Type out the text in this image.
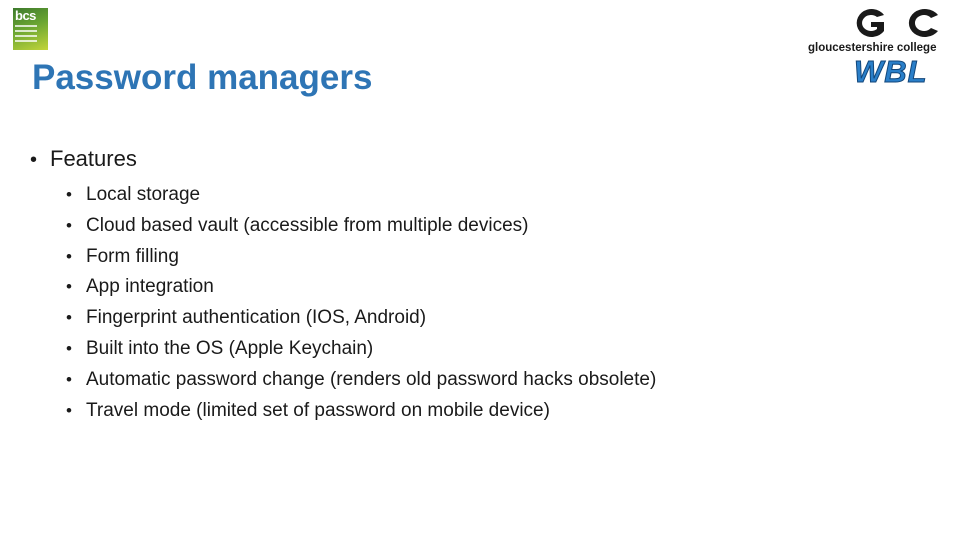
bcs
Password managers
gloucestershire college
WBL
• Features
• Local storage
• Cloud based vault (accessible from multiple devices)
• Form filling
• App integration
• Fingerprint authentication (IOS, Android)
• Built into the OS (Apple Keychain)
• Automatic password change (renders old password hacks obsolete)
• Travel mode (limited set of password on mobile device)
